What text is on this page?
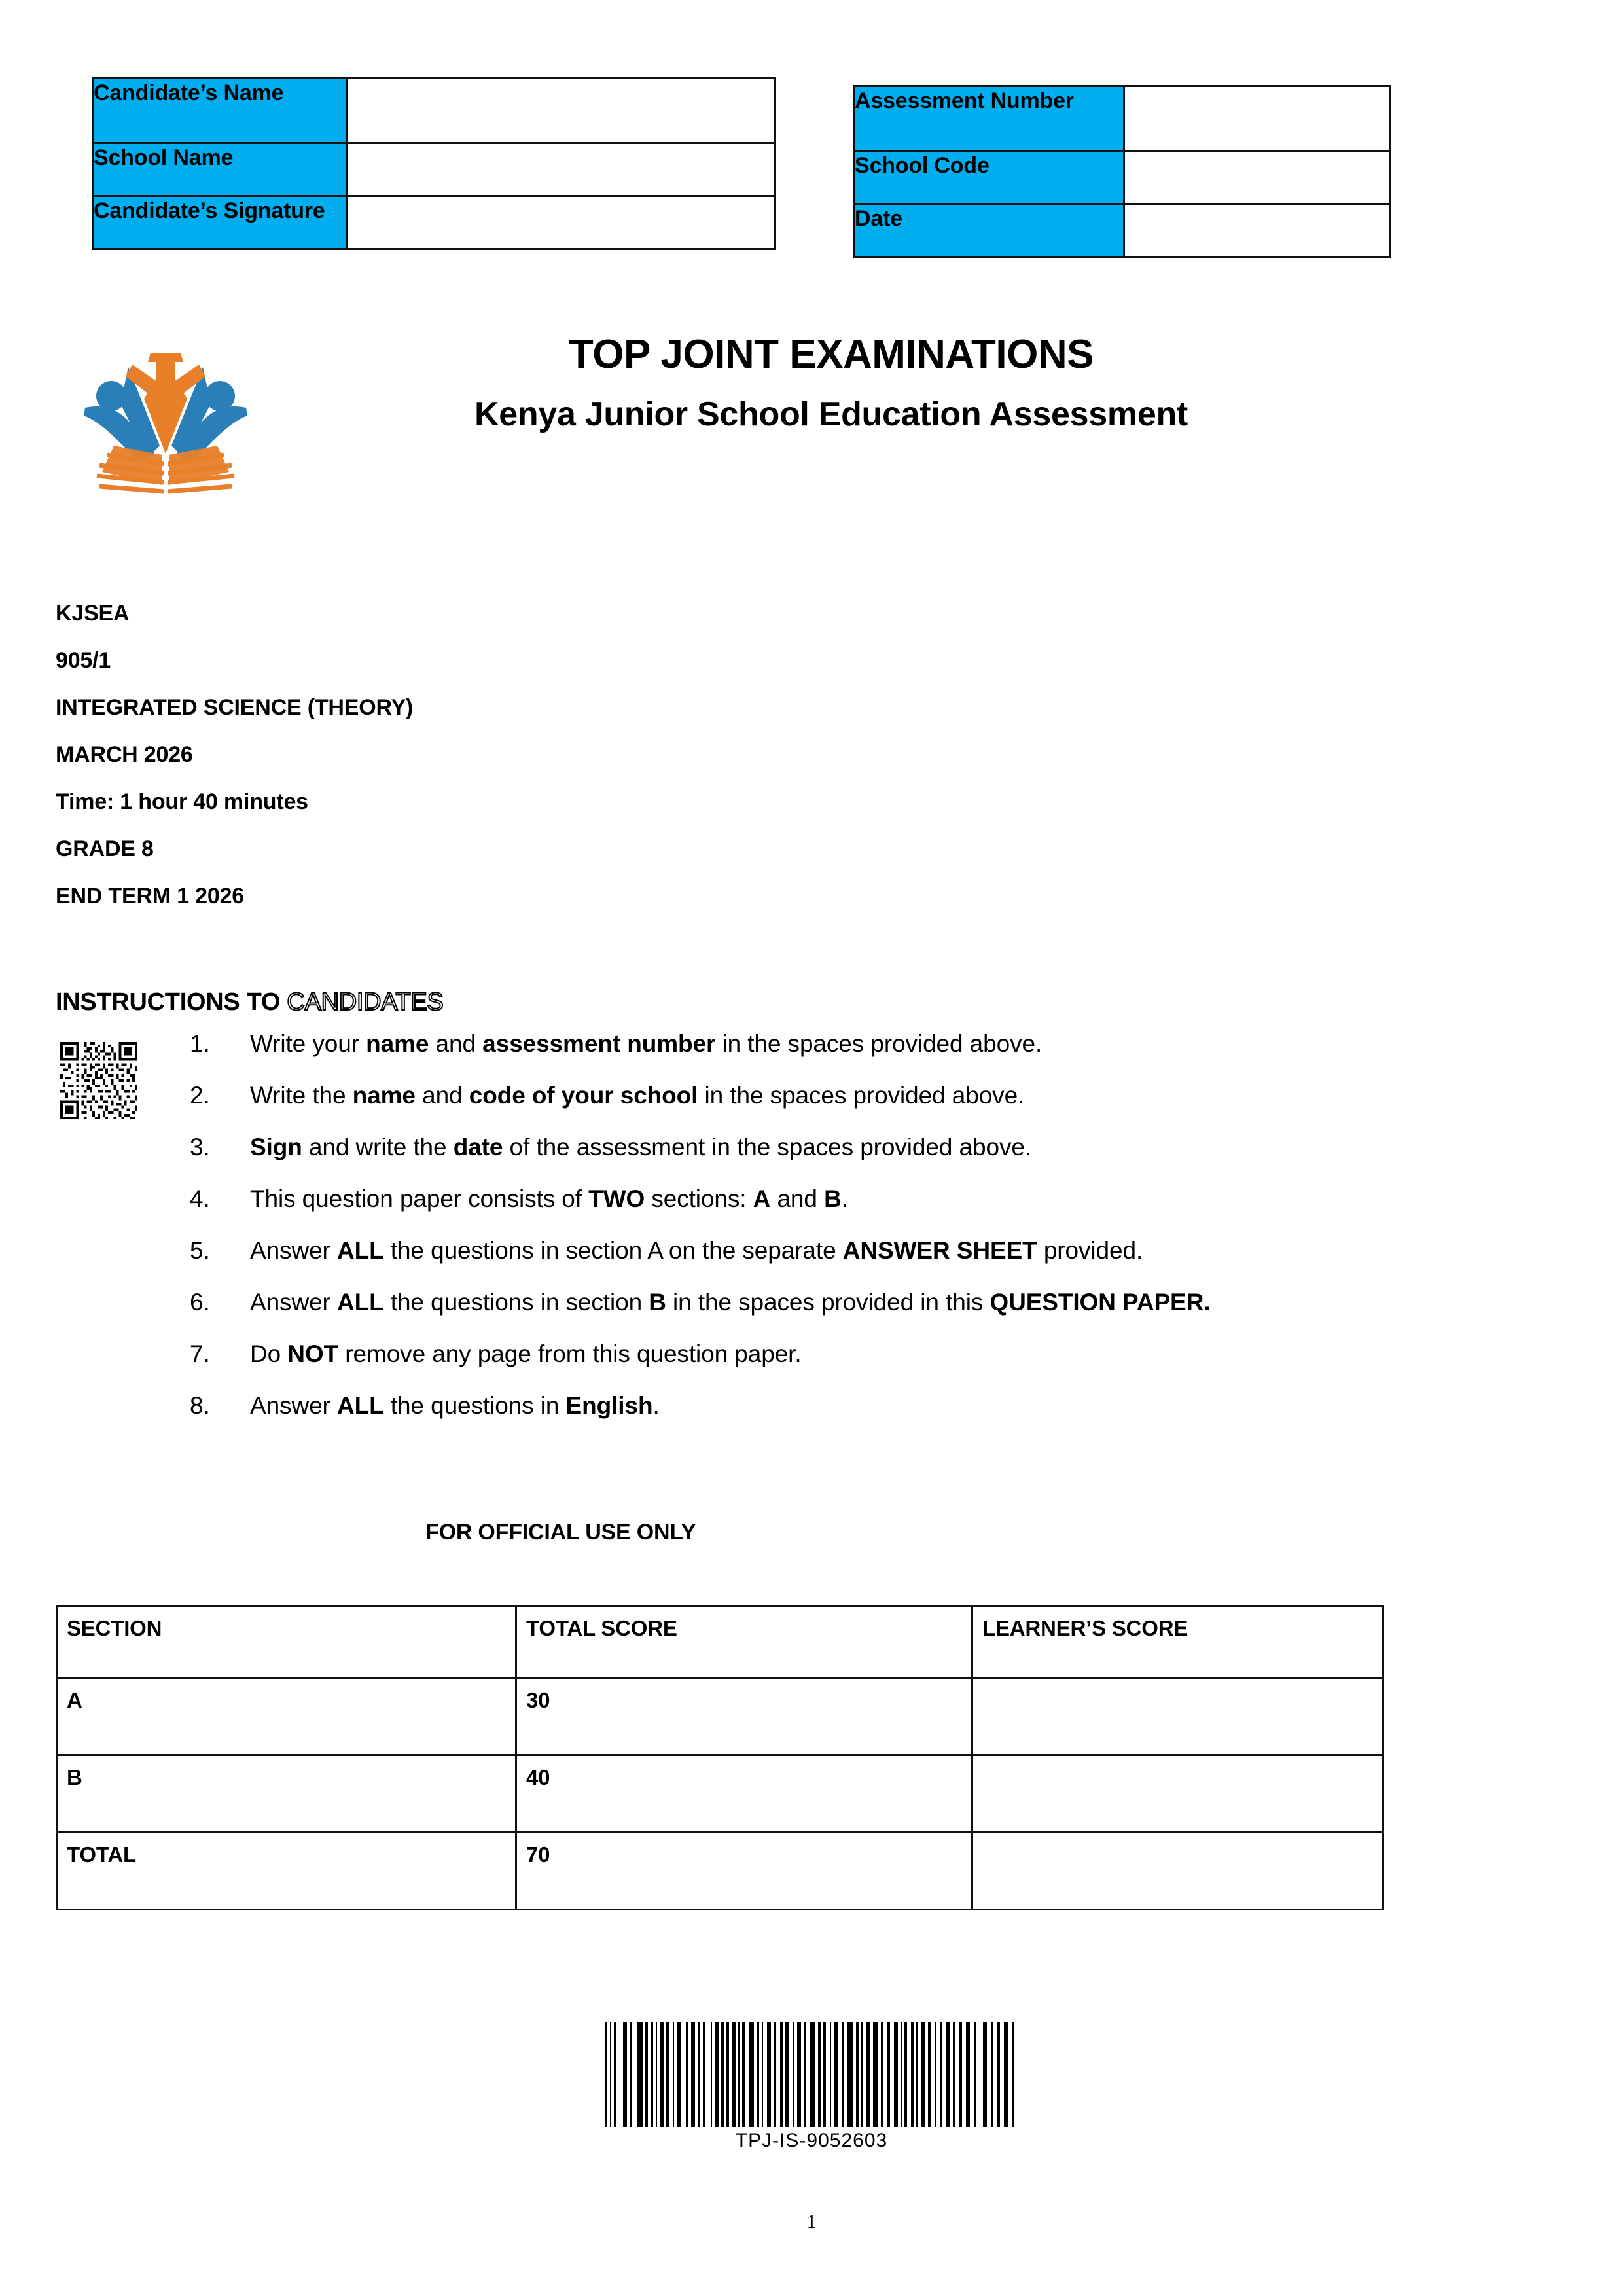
Candidate’s Name	
School Name	
Candidate’s Signature	
Assessment Number	
School Code	
Date	
TOP JOINT EXAMINATIONS
Kenya Junior School Education Assessment
KJSEA
905/1
INTEGRATED SCIENCE (THEORY)
MARCH 2026
Time: 1 hour 40 minutes
GRADE 8
END TERM 1 2026
INSTRUCTIONS TO CANDIDATES
1.	Write your name and assessment number in the spaces provided above.
2.	Write the name and code of your school in the spaces provided above.
3.	Sign and write the date of the assessment in the spaces provided above.
4.	This question paper consists of TWO sections: A and B.
5.	Answer ALL the questions in section A on the separate ANSWER SHEET provided.
6.	Answer ALL the questions in section B in the spaces provided in this QUESTION PAPER.
7.	Do NOT remove any page from this question paper.
8.	Answer ALL the questions in English.
FOR OFFICIAL USE ONLY
SECTION	TOTAL SCORE	LEARNER’S SCORE
A	30	
B	40	
TOTAL	70	
TPJ-IS-9052603
1
